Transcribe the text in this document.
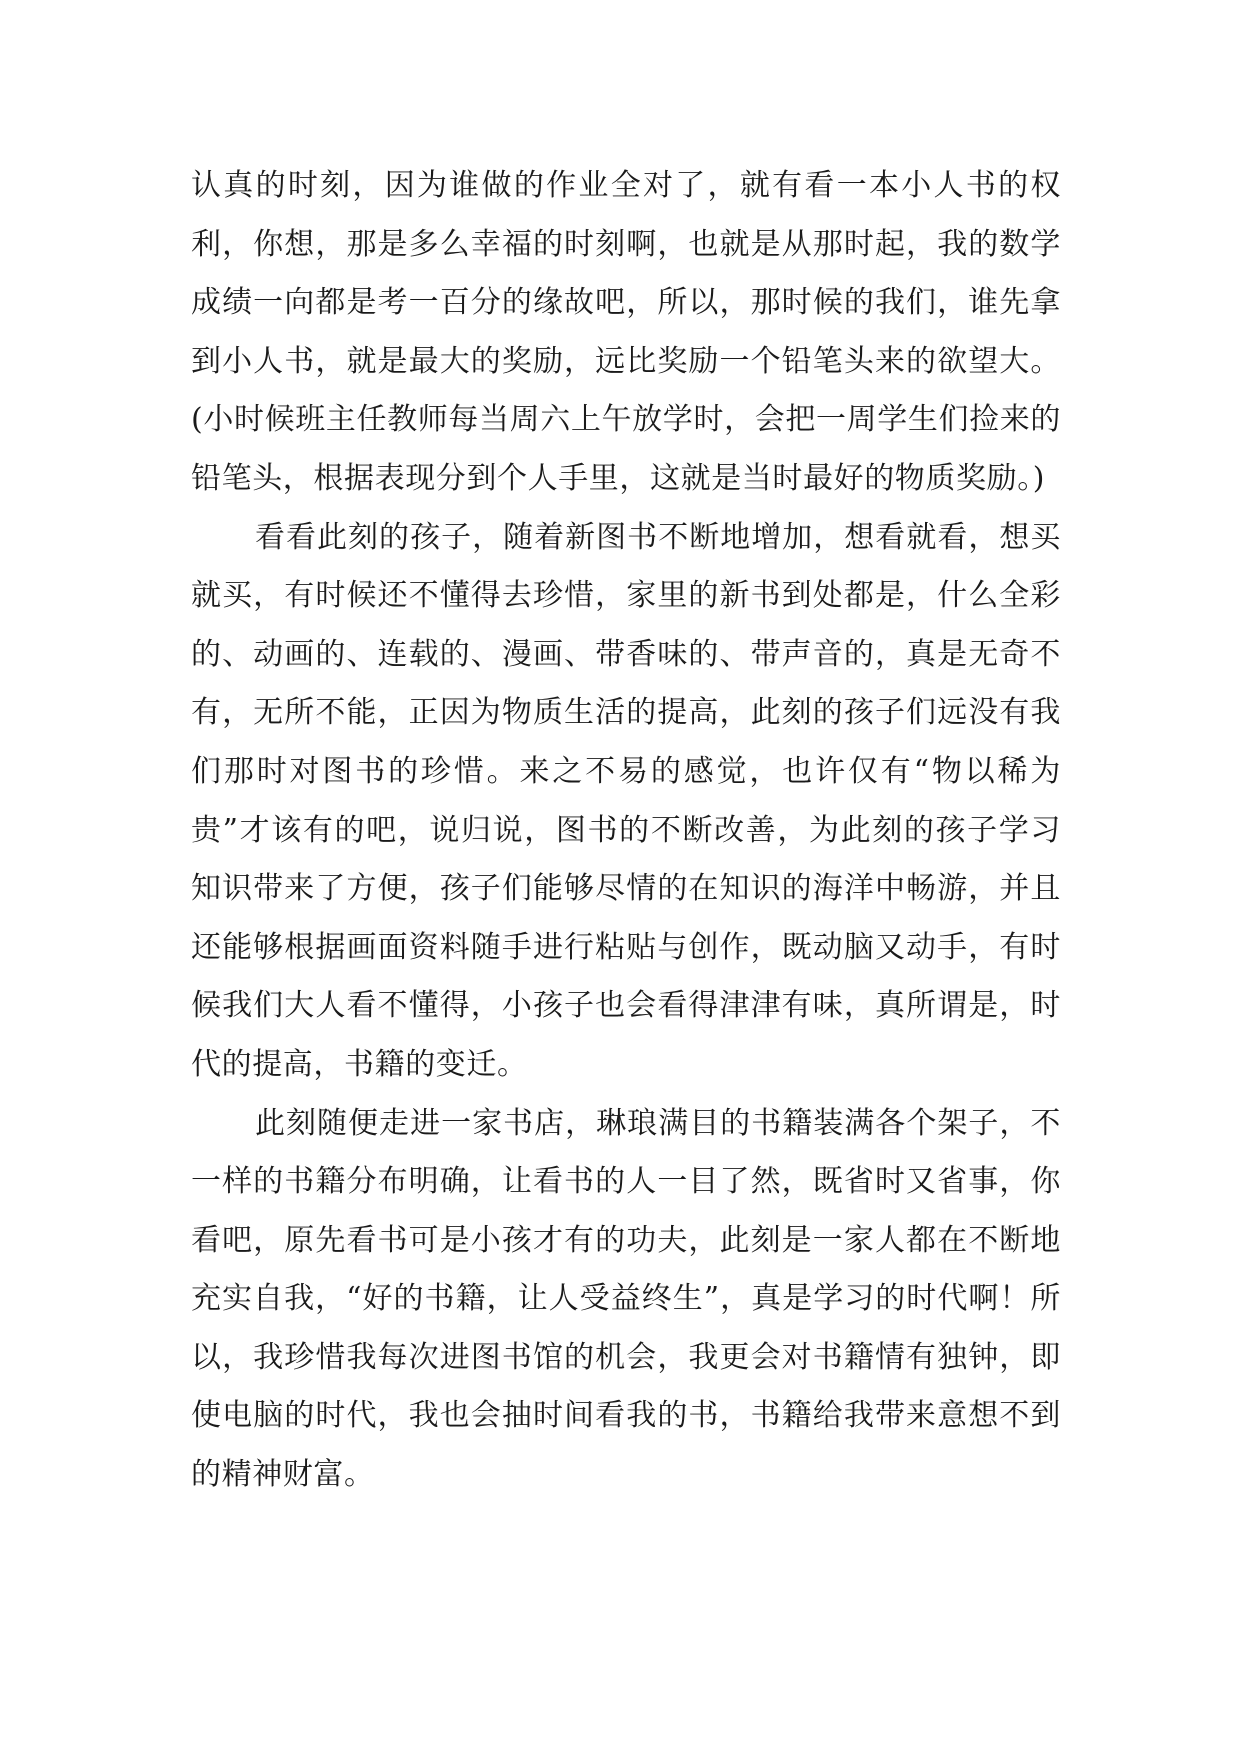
认真的时刻，因为谁做的作业全对了，就有看一本小人书的权利，你想，那是多么幸福的时刻啊，也就是从那时起，我的数学成绩一向都是考一百分的缘故吧，所以，那时候的我们，谁先拿到小人书，就是最大的奖励，远比奖励一个铅笔头来的欲望大。(小时候班主任教师每当周六上午放学时，会把一周学生们捡来的铅笔头，根据表现分到个人手里，这就是当时最好的物质奖励。)

看看此刻的孩子，随着新图书不断地增加，想看就看，想买就买，有时候还不懂得去珍惜，家里的新书到处都是，什么全彩的、动画的、连载的、漫画、带香味的、带声音的，真是无奇不有，无所不能，正因为物质生活的提高，此刻的孩子们远没有我们那时对图书的珍惜。来之不易的感觉，也许仅有“物以稀为贵”才该有的吧，说归说，图书的不断改善，为此刻的孩子学习知识带来了方便，孩子们能够尽情的在知识的海洋中畅游，并且还能够根据画面资料随手进行粘贴与创作，既动脑又动手，有时候我们大人看不懂得，小孩子也会看得津津有味，真所谓是，时代的提高，书籍的变迁。

此刻随便走进一家书店，琳琅满目的书籍装满各个架子，不一样的书籍分布明确，让看书的人一目了然，既省时又省事，你看吧，原先看书可是小孩才有的功夫，此刻是一家人都在不断地充实自我，“好的书籍，让人受益终生”，真是学习的时代啊！所以，我珍惜我每次进图书馆的机会，我更会对书籍情有独钟，即使电脑的时代，我也会抽时间看我的书，书籍给我带来意想不到的精神财富。
